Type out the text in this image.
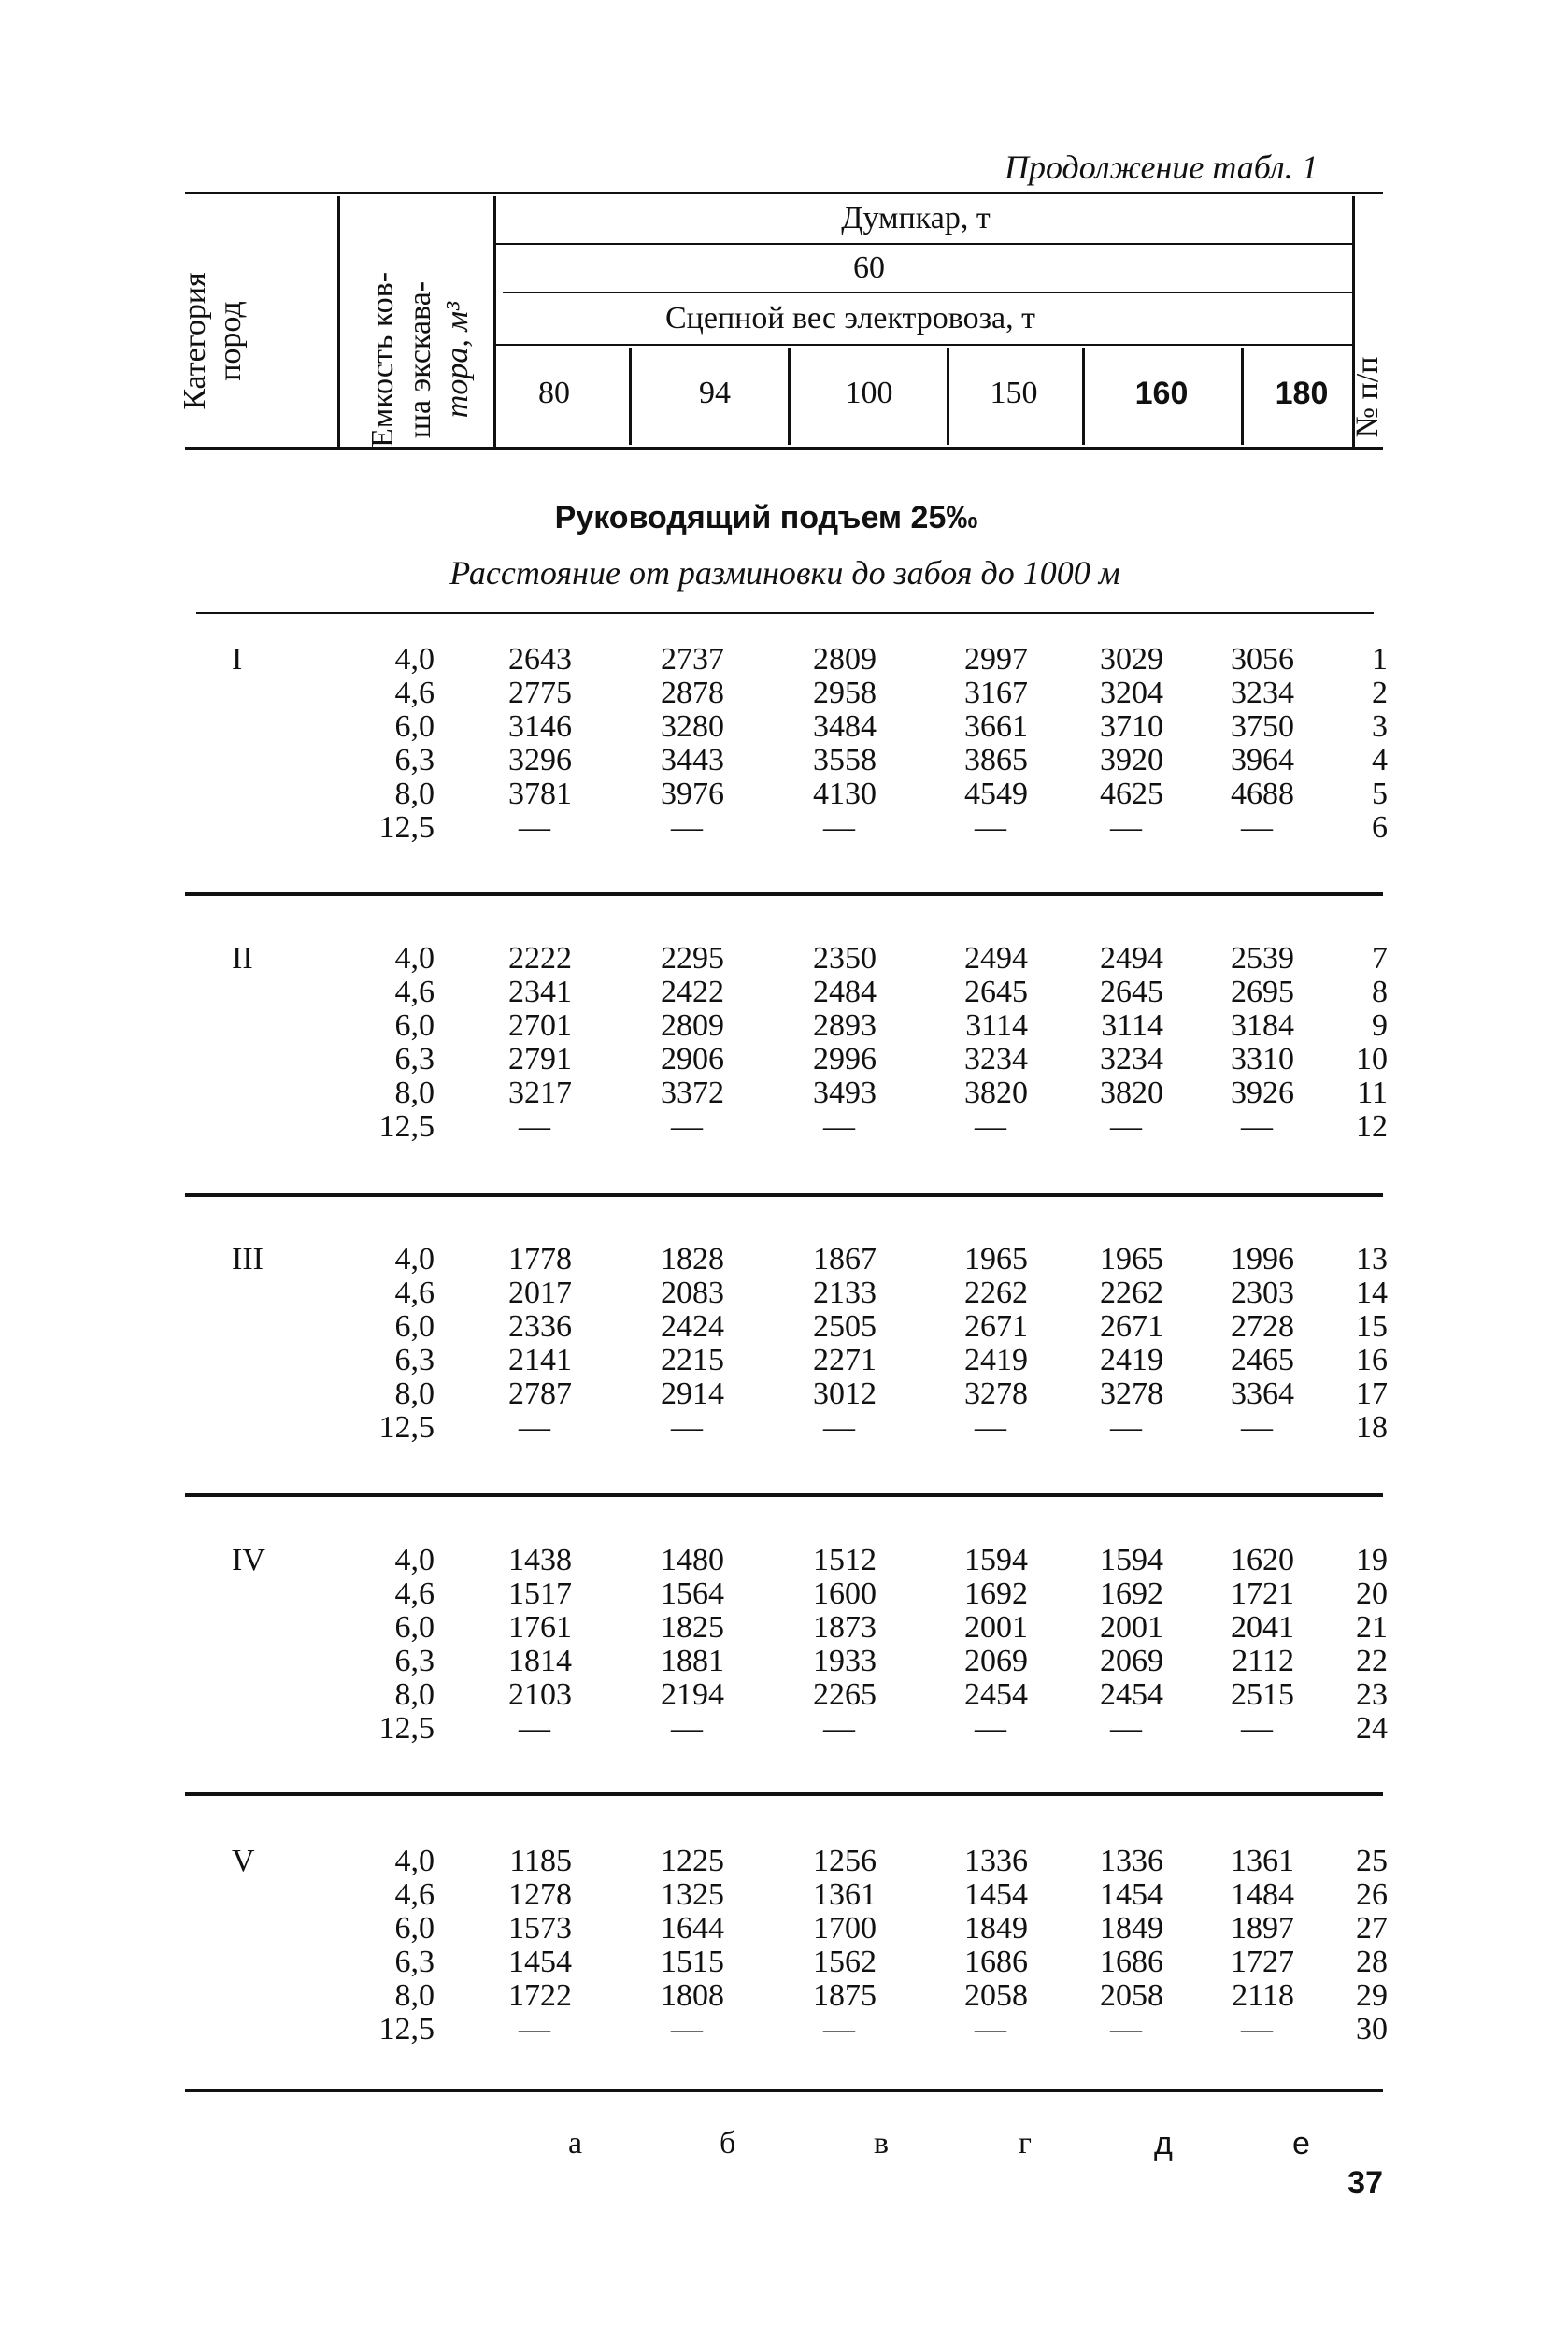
Продолжение табл. 1
Категория пород	Емкость ков- ша экскава- тора, м³	№ п/п
Думпкар, т
60
Сцепной вес электровоза, т
80	94	100	150	160	180
Руководящий подъем 25‰
Расстояние от разминовки до забоя до 1000 м
I	4,0	2643	2737	2809	2997	3029	3056	1
4,6	2775	2878	2958	3167	3204	3234	2
6,0	3146	3280	3484	3661	3710	3750	3
6,3	3296	3443	3558	3865	3920	3964	4
8,0	3781	3976	4130	4549	4625	4688	5
12,5	—	—	—	—	—	—	6
II	4,0	2222	2295	2350	2494	2494	2539	7
4,6	2341	2422	2484	2645	2645	2695	8
6,0	2701	2809	2893	3114	3114	3184	9
6,3	2791	2906	2996	3234	3234	3310	10
8,0	3217	3372	3493	3820	3820	3926	11
12,5	—	—	—	—	—	—	12
III	4,0	1778	1828	1867	1965	1965	1996	13
4,6	2017	2083	2133	2262	2262	2303	14
6,0	2336	2424	2505	2671	2671	2728	15
6,3	2141	2215	2271	2419	2419	2465	16
8,0	2787	2914	3012	3278	3278	3364	17
12,5	—	—	—	—	—	—	18
IV	4,0	1438	1480	1512	1594	1594	1620	19
4,6	1517	1564	1600	1692	1692	1721	20
6,0	1761	1825	1873	2001	2001	2041	21
6,3	1814	1881	1933	2069	2069	2112	22
8,0	2103	2194	2265	2454	2454	2515	23
12,5	—	—	—	—	—	—	24
V	4,0	1185	1225	1256	1336	1336	1361	25
4,6	1278	1325	1361	1454	1454	1484	26
6,0	1573	1644	1700	1849	1849	1897	27
6,3	1454	1515	1562	1686	1686	1727	28
8,0	1722	1808	1875	2058	2058	2118	29
12,5	—	—	—	—	—	—	30
а	б	в	г	д	е
37
